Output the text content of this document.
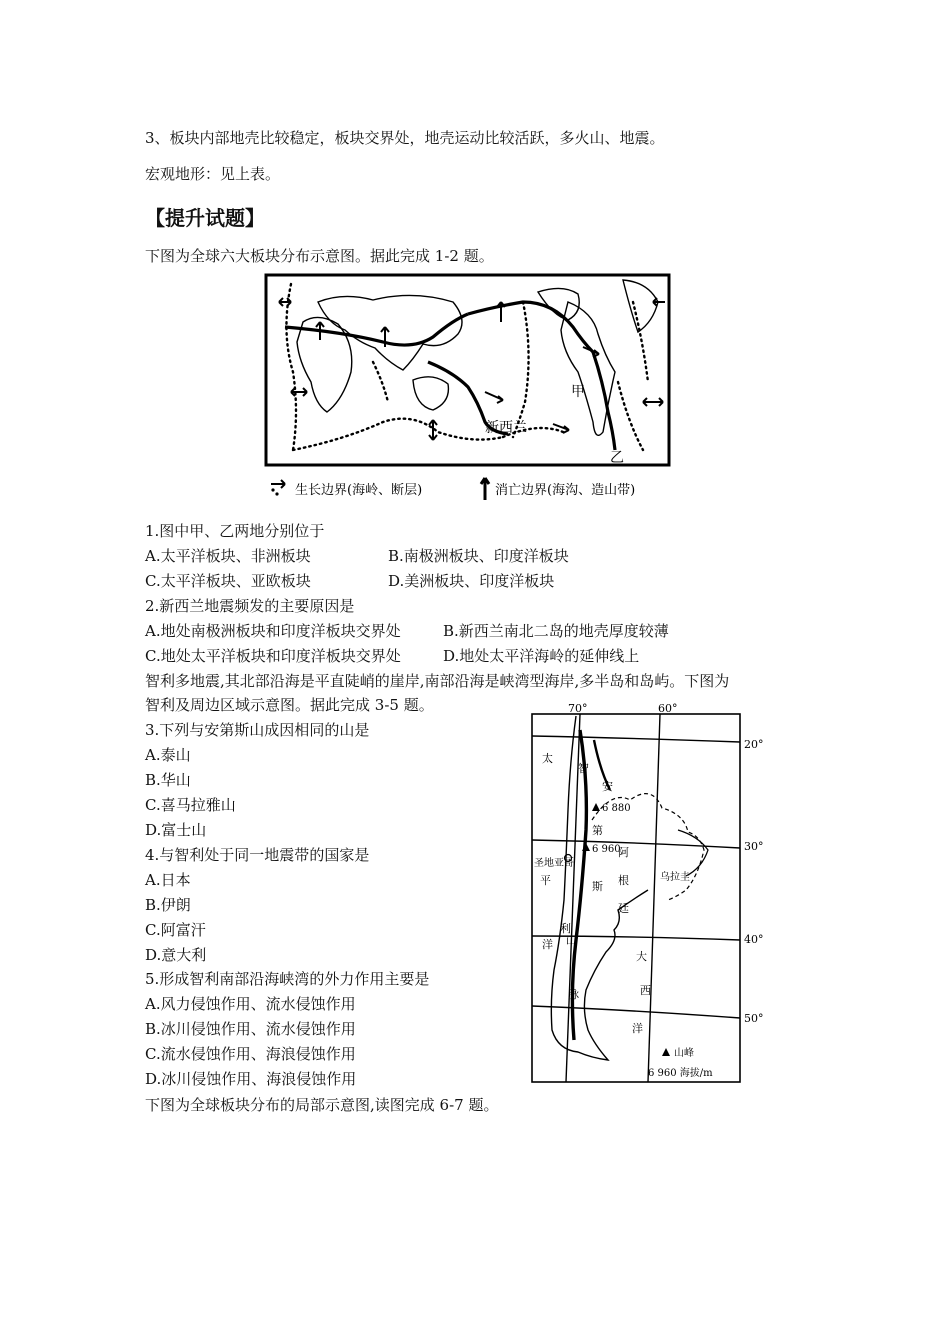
3、板块内部地壳比较稳定，板块交界处，地壳运动比较活跃，多火山、地震。
宏观地形：见上表。
【提升试题】
下图为全球六大板块分布示意图。据此完成 1-2 题。
甲
乙
新西兰
生长边界(海岭、断层)	消亡边界(海沟、造山带)
1.图中甲、乙两地分别位于
A.太平洋板块、非洲板块	B.南极洲板块、印度洋板块
C.太平洋板块、亚欧板块	D.美洲板块、印度洋板块
2.新西兰地震频发的主要原因是
A.地处南极洲板块和印度洋板块交界处	B.新西兰南北二岛的地壳厚度较薄
C.地处太平洋板块和印度洋板块交界处	D.地处太平洋海岭的延伸线上
智利多地震,其北部沿海是平直陡峭的崖岸,南部沿海是峡湾型海岸,多半岛和岛屿。下图为
智利及周边区域示意图。据此完成 3-5 题。
3.下列与安第斯山成因相同的山是
A.泰山
B.华山
C.喜马拉雅山
D.富士山
4.与智利处于同一地震带的国家是
A.日本
B.伊朗
C.阿富汗
D.意大利
5.形成智利南部沿海峡湾的外力作用主要是
A.风力侵蚀作用、流水侵蚀作用
B.冰川侵蚀作用、流水侵蚀作用
C.流水侵蚀作用、海浪侵蚀作用
D.冰川侵蚀作用、海浪侵蚀作用
下图为全球板块分布的局部示意图,读图完成 6-7 题。
70°	60°
20°
30°
40°
50°
6 880
6 960
圣地亚哥
太
平
洋
智
利
安
第
斯
山
脉
阿
根
廷
乌拉圭
大
西
洋
山峰
6 960 海拔/m
